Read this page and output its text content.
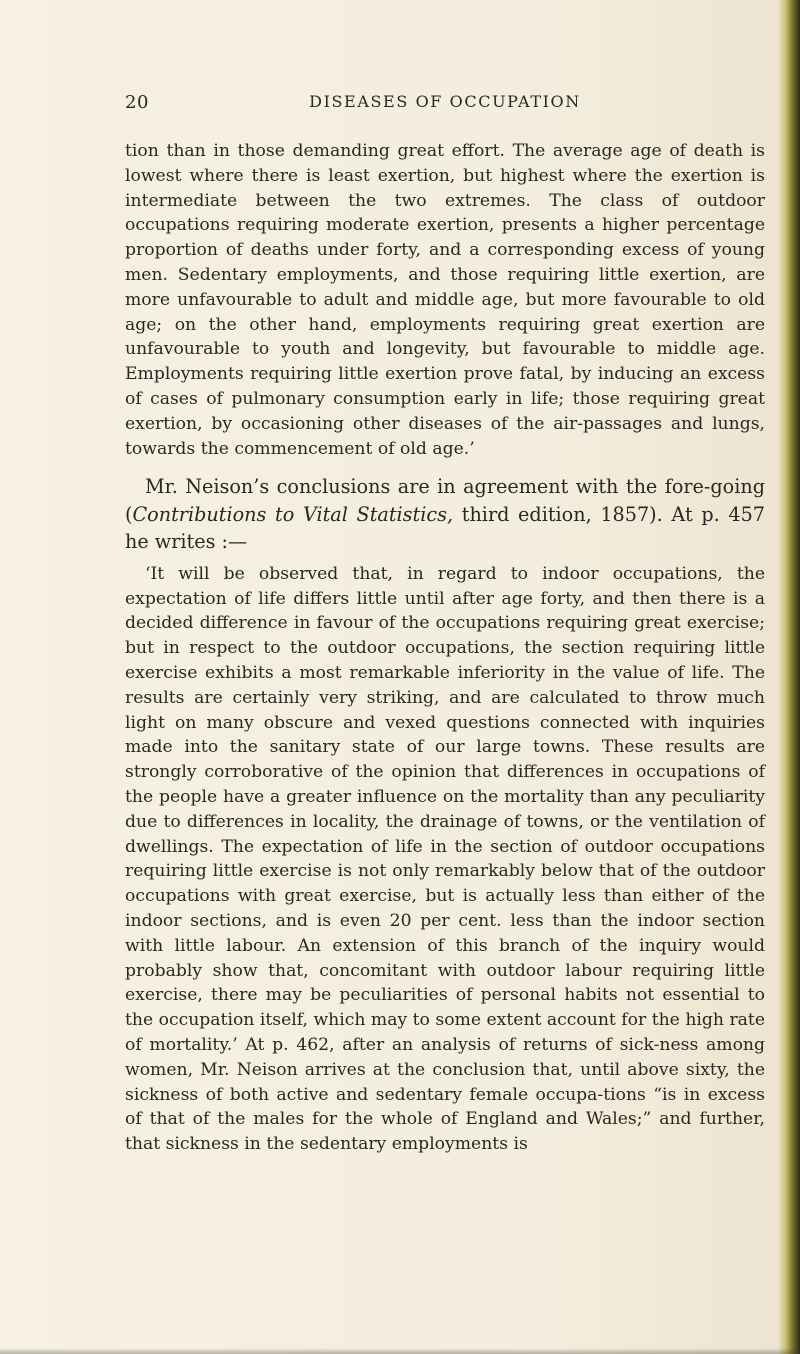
20	DISEASES OF OCCUPATION

tion than in those demanding great effort. The average age of death is lowest where there is least exertion, but highest where the exertion is intermediate between the two extremes. The class of outdoor occupations requiring moderate exertion, presents a higher percentage proportion of deaths under forty, and a corresponding excess of young men. Sedentary employments, and those requiring little exertion, are more unfavourable to adult and middle age, but more favourable to old age; on the other hand, employments requiring great exertion are unfavourable to youth and longevity, but favourable to middle age. Employments requiring little exertion prove fatal, by inducing an excess of cases of pulmonary consumption early in life; those requiring great exertion, by occasioning other diseases of the air-passages and lungs, towards the commencement of old age.’

Mr. Neison’s conclusions are in agreement with the fore-going (Contributions to Vital Statistics, third edition, 1857). At p. 457 he writes :—

‘It will be observed that, in regard to indoor occupations, the expectation of life differs little until after age forty, and then there is a decided difference in favour of the occupations requiring great exercise; but in respect to the outdoor occupations, the section requiring little exercise exhibits a most remarkable inferiority in the value of life. The results are certainly very striking, and are calculated to throw much light on many obscure and vexed questions connected with inquiries made into the sanitary state of our large towns. These results are strongly corroborative of the opinion that differences in occupations of the people have a greater influence on the mortality than any peculiarity due to differences in locality, the drainage of towns, or the ventilation of dwellings. The expectation of life in the section of outdoor occupations requiring little exercise is not only remarkably below that of the outdoor occupations with great exercise, but is actually less than either of the indoor sections, and is even 20 per cent. less than the indoor section with little labour. An extension of this branch of the inquiry would probably show that, concomitant with outdoor labour requiring little exercise, there may be peculiarities of personal habits not essential to the occupation itself, which may to some extent account for the high rate of mortality.’ At p. 462, after an analysis of returns of sick-ness among women, Mr. Neison arrives at the conclusion that, until above sixty, the sickness of both active and sedentary female occupa-tions “is in excess of that of the males for the whole of England and Wales;” and further, that sickness in the sedentary employments is
